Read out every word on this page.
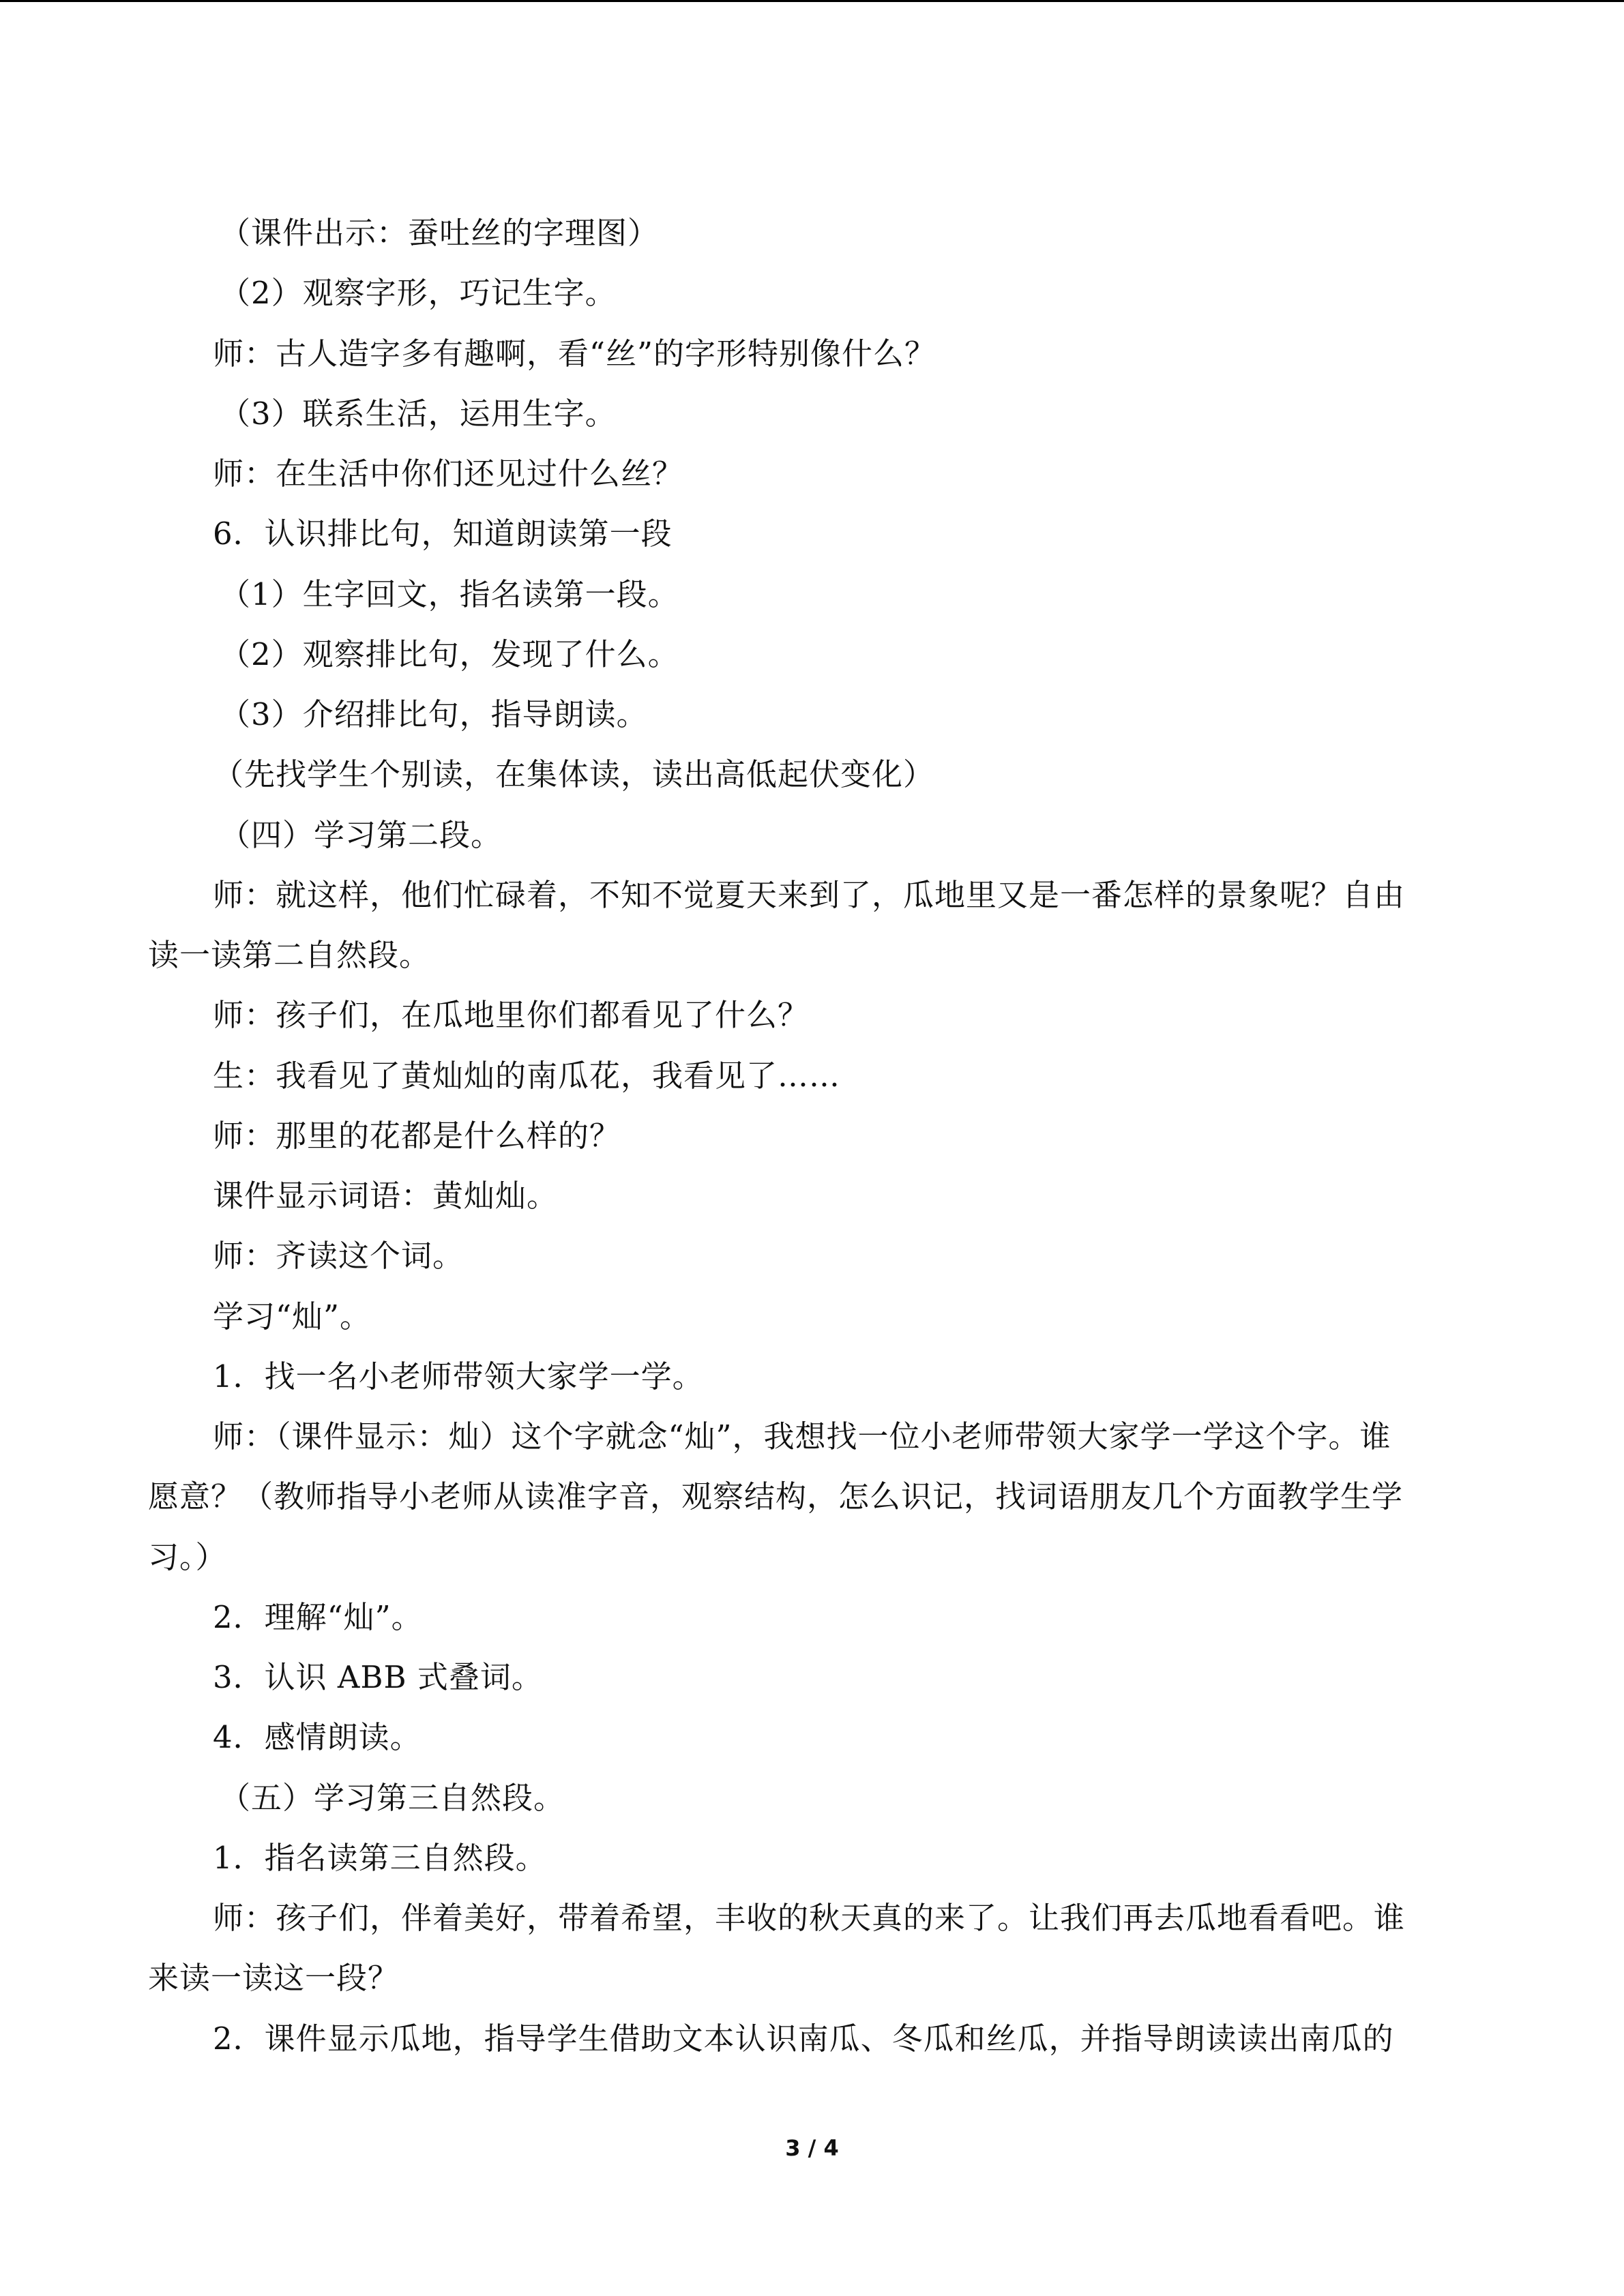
（课件出示：蚕吐丝的字理图）
（2）观察字形，巧记生字。
师：古人造字多有趣啊，看“丝”的字形特别像什么？
（3）联系生活，运用生字。
师：在生活中你们还见过什么丝？
6．认识排比句，知道朗读第一段
（1）生字回文，指名读第一段。
（2）观察排比句，发现了什么。
（3）介绍排比句，指导朗读。
（先找学生个别读，在集体读，读出高低起伏变化）
（四）学习第二段。
师：就这样，他们忙碌着，不知不觉夏天来到了，瓜地里又是一番怎样的景象呢？自由
读一读第二自然段。
师：孩子们，在瓜地里你们都看见了什么？
生：我看见了黄灿灿的南瓜花，我看见了……
师：那里的花都是什么样的？
课件显示词语：黄灿灿。
师：齐读这个词。
学习“灿”。
1．找一名小老师带领大家学一学。
师：（课件显示：灿）这个字就念“灿”，我想找一位小老师带领大家学一学这个字。谁
愿意？（教师指导小老师从读准字音，观察结构，怎么识记，找词语朋友几个方面教学生学
习。）
2．理解“灿”。
3．认识 ABB 式叠词。
4．感情朗读。
（五）学习第三自然段。
1．指名读第三自然段。
师：孩子们，伴着美好，带着希望，丰收的秋天真的来了。让我们再去瓜地看看吧。谁
来读一读这一段？
2．课件显示瓜地，指导学生借助文本认识南瓜、冬瓜和丝瓜，并指导朗读读出南瓜的
3 / 4
